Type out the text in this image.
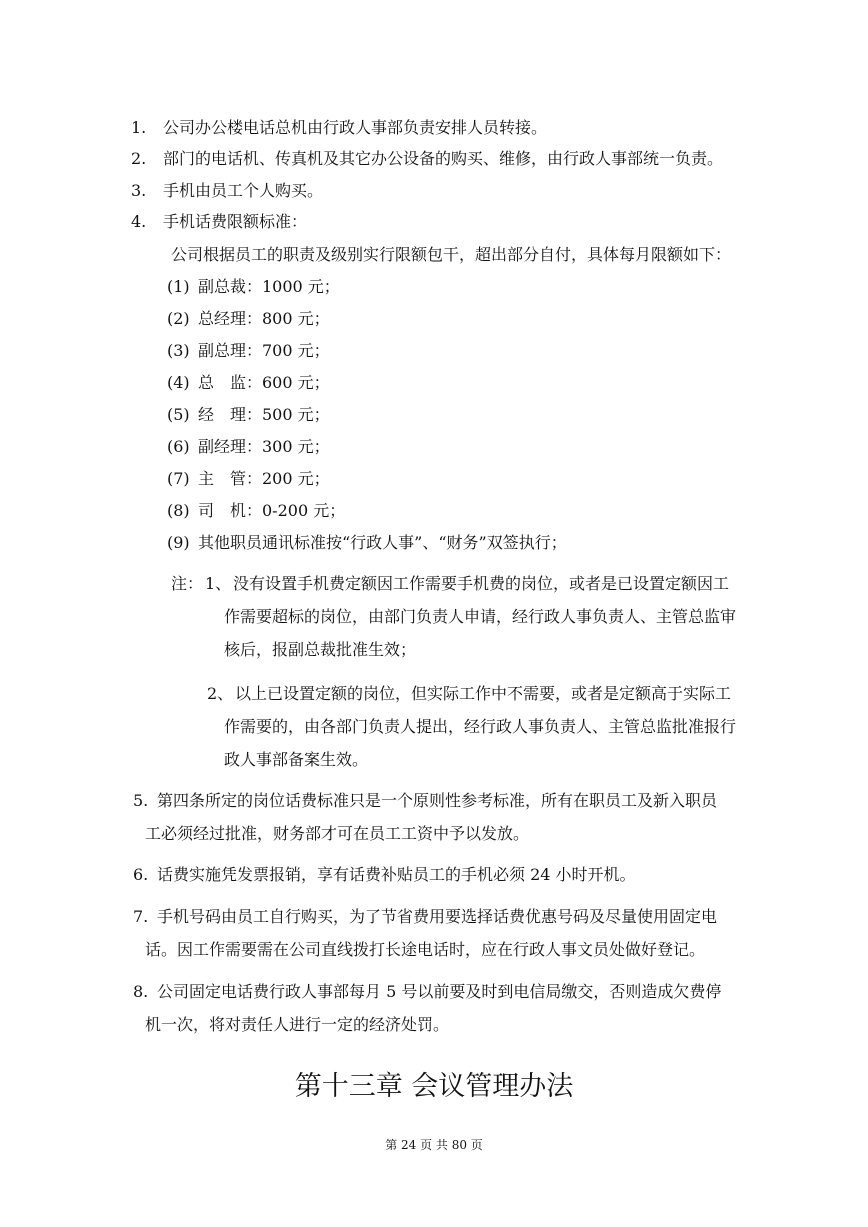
1. 公司办公楼电话总机由行政人事部负责安排人员转接。
2. 部门的电话机、传真机及其它办公设备的购买、维修，由行政人事部统一负责。
3. 手机由员工个人购买。
4. 手机话费限额标准：
公司根据员工的职责及级别实行限额包干，超出部分自付，具体每月限额如下：
(1) 副总裁：1000 元；
(2) 总经理：800 元；
(3) 副总理：700 元；
(4) 总　监：600 元；
(5) 经　理：500 元；
(6) 副经理：300 元；
(7) 主　管：200 元；
(8) 司　机：0-200 元；
(9) 其他职员通讯标准按“行政人事”、“财务”双签执行；
注： 1、 没有设置手机费定额因工作需要手机费的岗位，或者是已设置定额因工
作需要超标的岗位，由部门负责人申请，经行政人事负责人、主管总监审
核后，报副总裁批准生效；
2、 以上已设置定额的岗位，但实际工作中不需要，或者是定额高于实际工
作需要的，由各部门负责人提出，经行政人事负责人、主管总监批准报行
政人事部备案生效。
5. 第四条所定的岗位话费标准只是一个原则性参考标准，所有在职员工及新入职员
工必须经过批准，财务部才可在员工工资中予以发放。
6. 话费实施凭发票报销，享有话费补贴员工的手机必须 24 小时开机。
7. 手机号码由员工自行购买，为了节省费用要选择话费优惠号码及尽量使用固定电
话。因工作需要需在公司直线拨打长途电话时，应在行政人事文员处做好登记。
8. 公司固定电话费行政人事部每月 5 号以前要及时到电信局缴交，否则造成欠费停
机一次，将对责任人进行一定的经济处罚。
第十三章 会议管理办法
第 24 页 共 80 页
